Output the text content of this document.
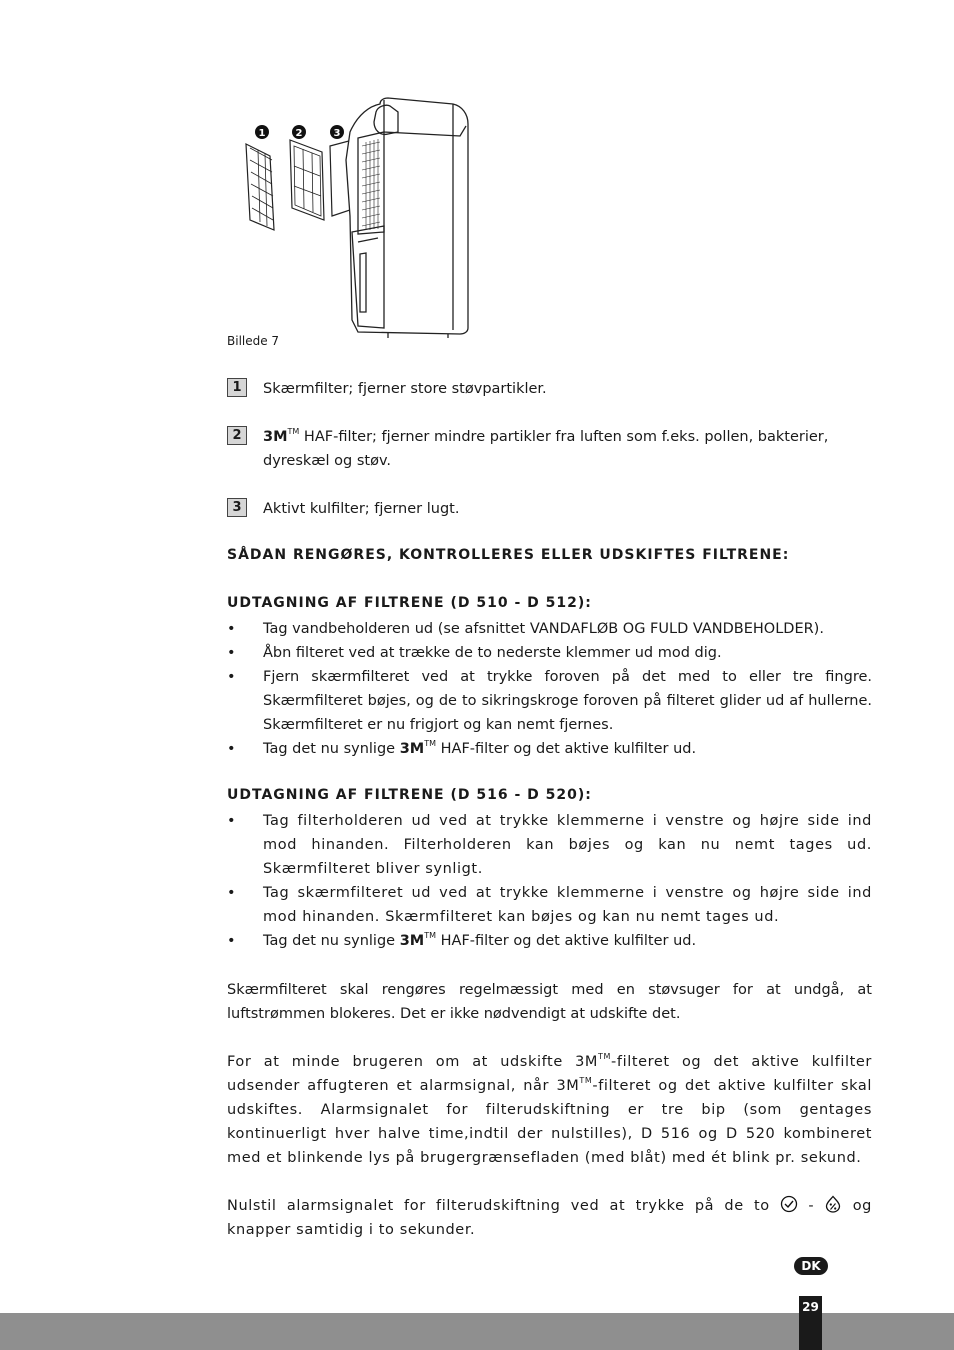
1	2	3
Billede 7
1	Skærmfilter; fjerner store støvpartikler.
2	3M™ HAF-filter; fjerner mindre partikler fra luften som f.eks. pollen, bakterier, dyreskæl og støv.
3	Aktivt kulfilter; fjerner lugt.
SÅDAN RENGØRES, KONTROLLERES ELLER UDSKIFTES FILTRENE:
UDTAGNING AF FILTRENE (D 510 - D 512):
• Tag vandbeholderen ud (se afsnittet VANDAFLØB OG FULD VANDBEHOLDER).
• Åbn filteret ved at trække de to nederste klemmer ud mod dig.
• Fjern skærmfilteret ved at trykke foroven på det med to eller tre fingre. Skærmfilteret bøjes, og de to sikringskroge foroven på filteret glider ud af hullerne. Skærmfilteret er nu frigjort og kan nemt fjernes.
• Tag det nu synlige 3M™ HAF-filter og det aktive kulfilter ud.
UDTAGNING AF FILTRENE (D 516 - D 520):
• Tag filterholderen ud ved at trykke klemmerne i venstre og højre side ind mod hinanden. Filterholderen kan bøjes og kan nu nemt tages ud. Skærmfilteret bliver synligt.
• Tag skærmfilteret ud ved at trykke klemmerne i venstre og højre side ind mod hinanden. Skærmfilteret kan bøjes og kan nu nemt tages ud.
• Tag det nu synlige 3M™ HAF-filter og det aktive kulfilter ud.
Skærmfilteret skal rengøres regelmæssigt med en støvsuger for at undgå, at luftstrømmen blokeres. Det er ikke nødvendigt at udskifte det.
For at minde brugeren om at udskifte 3M™-filteret og det aktive kulfilter udsender affugteren et alarmsignal, når 3M™-filteret og det aktive kulfilter skal udskiftes. Alarmsignalet for filterudskiftning er tre bip (som gentages kontinuerligt hver halve time,indtil der nulstilles), D 516 og D 520 kombineret med et blinkende lys på brugergrænsefladen (med blåt) med ét blink pr. sekund.
Nulstil alarmsignalet for filterudskiftning ved at trykke på de to  -  og knapper samtidig i to sekunder.
DK
29
